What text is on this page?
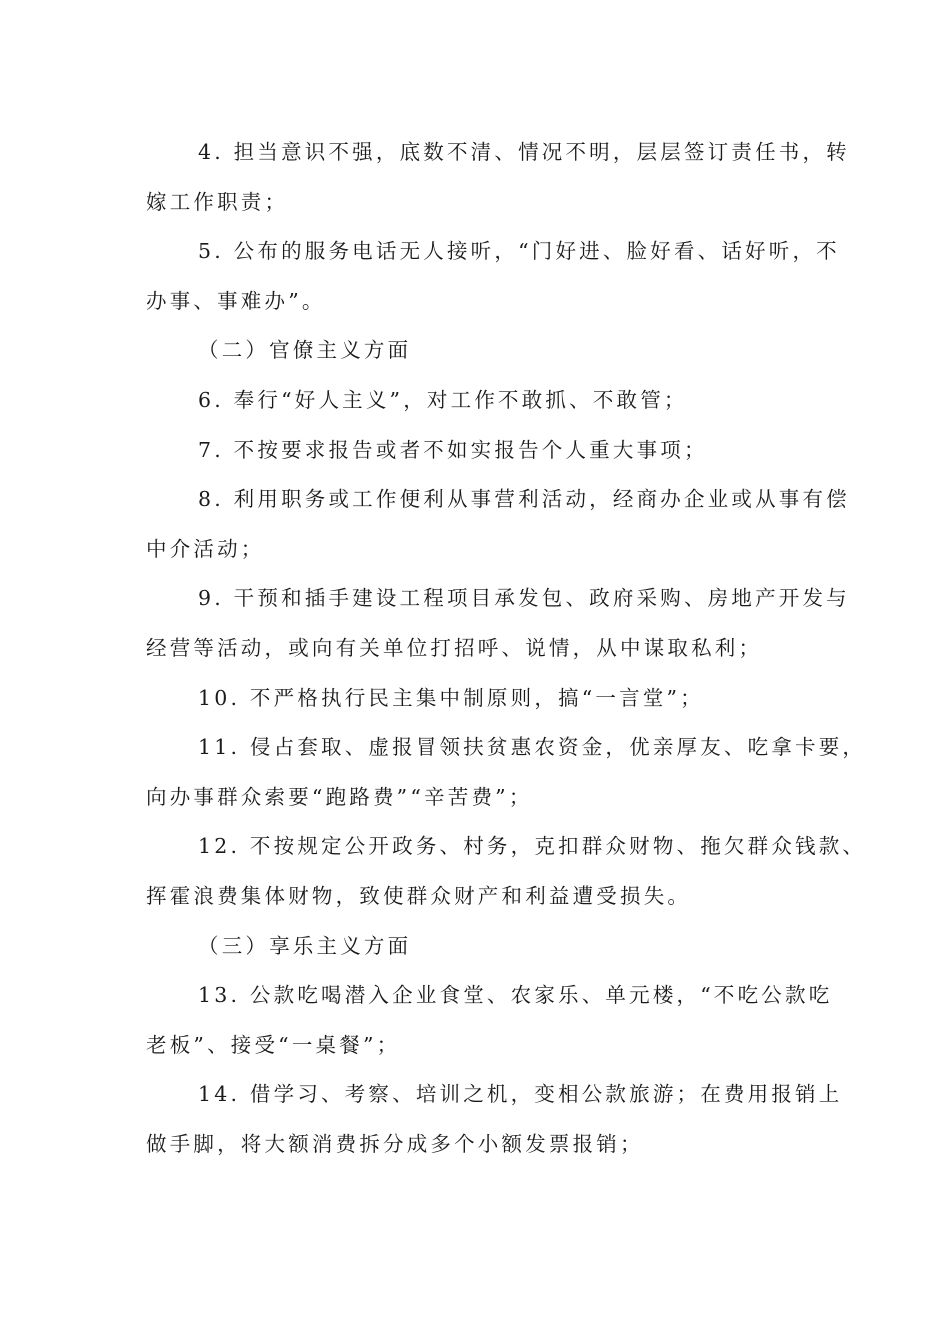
4. 担当意识不强，底数不清、情况不明，层层签订责任书，转
嫁工作职责；
5. 公布的服务电话无人接听，“门好进、脸好看、话好听，不
办事、事难办”。
（二）官僚主义方面
6. 奉行“好人主义”，对工作不敢抓、不敢管；
7. 不按要求报告或者不如实报告个人重大事项；
8. 利用职务或工作便利从事营利活动，经商办企业或从事有偿
中介活动；
9. 干预和插手建设工程项目承发包、政府采购、房地产开发与
经营等活动，或向有关单位打招呼、说情，从中谋取私利；
10. 不严格执行民主集中制原则，搞“一言堂”；
11. 侵占套取、虚报冒领扶贫惠农资金，优亲厚友、吃拿卡要，
向办事群众索要“跑路费”“辛苦费”；
12. 不按规定公开政务、村务，克扣群众财物、拖欠群众钱款、
挥霍浪费集体财物，致使群众财产和利益遭受损失。
（三）享乐主义方面
13. 公款吃喝潜入企业食堂、农家乐、单元楼，“不吃公款吃
老板”、接受“一桌餐”；
14. 借学习、考察、培训之机，变相公款旅游；在费用报销上
做手脚，将大额消费拆分成多个小额发票报销；
